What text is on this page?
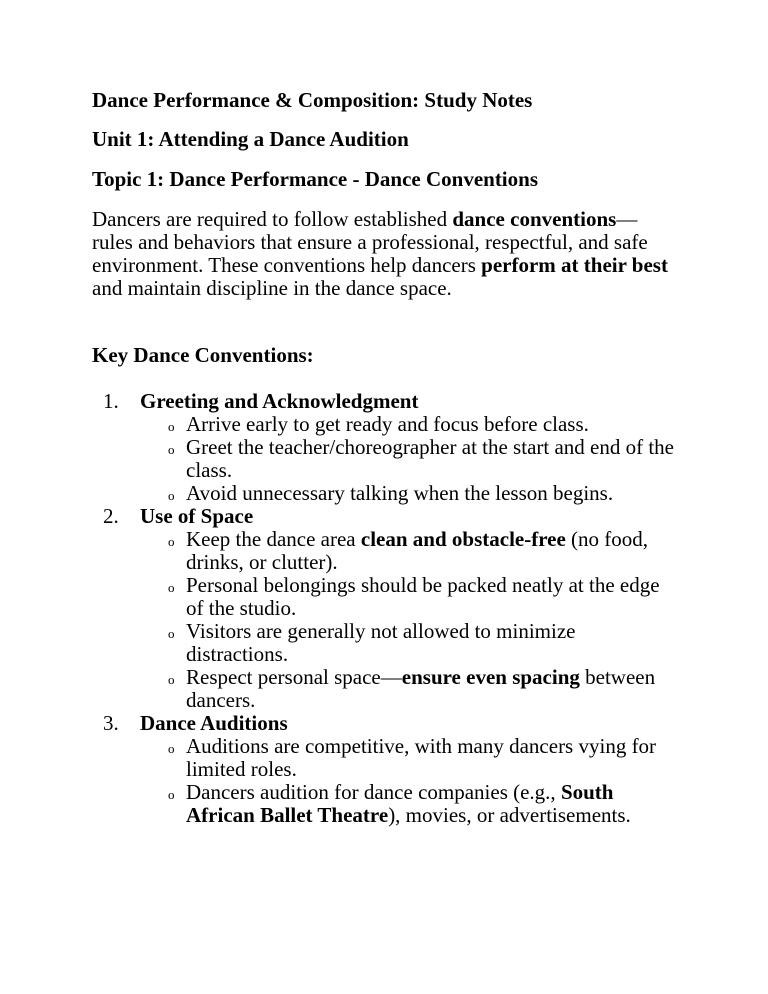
Dance Performance & Composition: Study Notes
Unit 1: Attending a Dance Audition
Topic 1: Dance Performance - Dance Conventions
Dancers are required to follow established dance conventions—rules and behaviors that ensure a professional, respectful, and safe environment. These conventions help dancers perform at their best and maintain discipline in the dance space.
Key Dance Conventions:
1. Greeting and Acknowledgment
o Arrive early to get ready and focus before class.
o Greet the teacher/choreographer at the start and end of the class.
o Avoid unnecessary talking when the lesson begins.
2. Use of Space
o Keep the dance area clean and obstacle-free (no food, drinks, or clutter).
o Personal belongings should be packed neatly at the edge of the studio.
o Visitors are generally not allowed to minimize distractions.
o Respect personal space—ensure even spacing between dancers.
3. Dance Auditions
o Auditions are competitive, with many dancers vying for limited roles.
o Dancers audition for dance companies (e.g., South African Ballet Theatre), movies, or advertisements.
